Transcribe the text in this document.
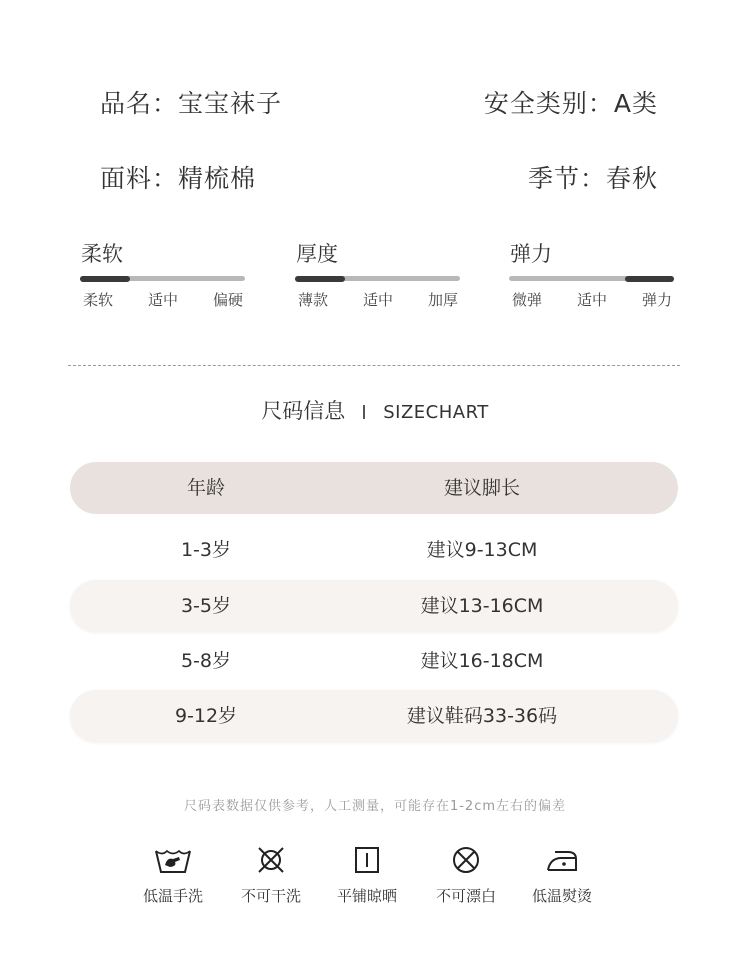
品名：宝宝袜子	安全类别：A类
面料：精梳棉	季节：春秋
柔软
柔软 适中 偏硬
厚度
薄款 适中 加厚
弹力
微弹 适中 弹力
尺码信息 SIZECHART
年龄	建议脚长
1-3岁	建议9-13CM
3-5岁	建议13-16CM
5-8岁	建议16-18CM
9-12岁	建议鞋码33-36码
尺码表数据仅供参考，人工测量，可能存在1-2cm左右的偏差
低温手洗	不可干洗	平铺晾晒	不可漂白	低温熨烫
